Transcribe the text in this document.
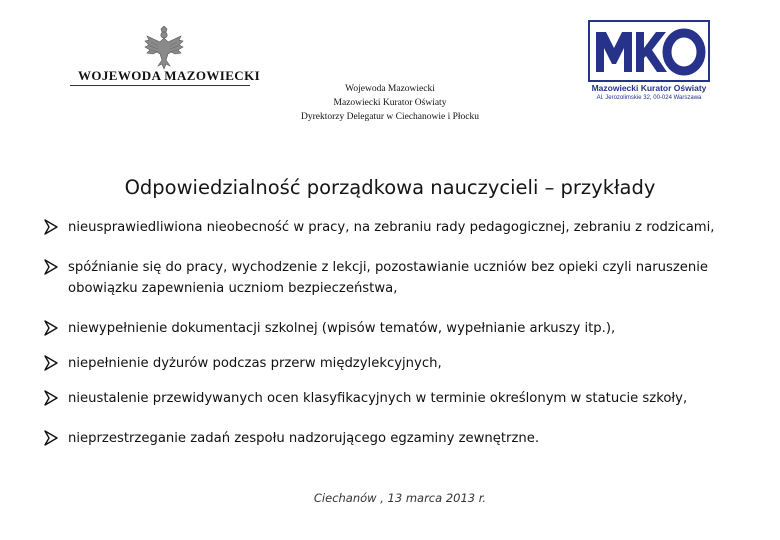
WOJEWODA MAZOWIECKI
Wojewoda Mazowiecki
Mazowiecki Kurator Oświaty
Dyrektorzy Delegatur w Ciechanowie i Płocku
Mazowiecki Kurator Oświaty
Al. Jerozolimskie 32, 00-024 Warszawa
Odpowiedzialność porządkowa nauczycieli – przykłady
nieusprawiedliwiona nieobecność w pracy, na zebraniu rady pedagogicznej, zebraniu z rodzicami,
spóźnianie się do pracy, wychodzenie z lekcji, pozostawianie uczniów bez opieki czyli naruszenie obowiązku zapewnienia uczniom bezpieczeństwa,
niewypełnienie dokumentacji szkolnej (wpisów tematów, wypełnianie arkuszy itp.),
niepełnienie dyżurów podczas przerw międzylekcyjnych,
nieustalenie przewidywanych ocen klasyfikacyjnych w terminie określonym w statucie szkoły,
nieprzestrzeganie zadań zespołu nadzorującego egzaminy zewnętrzne.
Ciechanów , 13 marca 2013 r.
